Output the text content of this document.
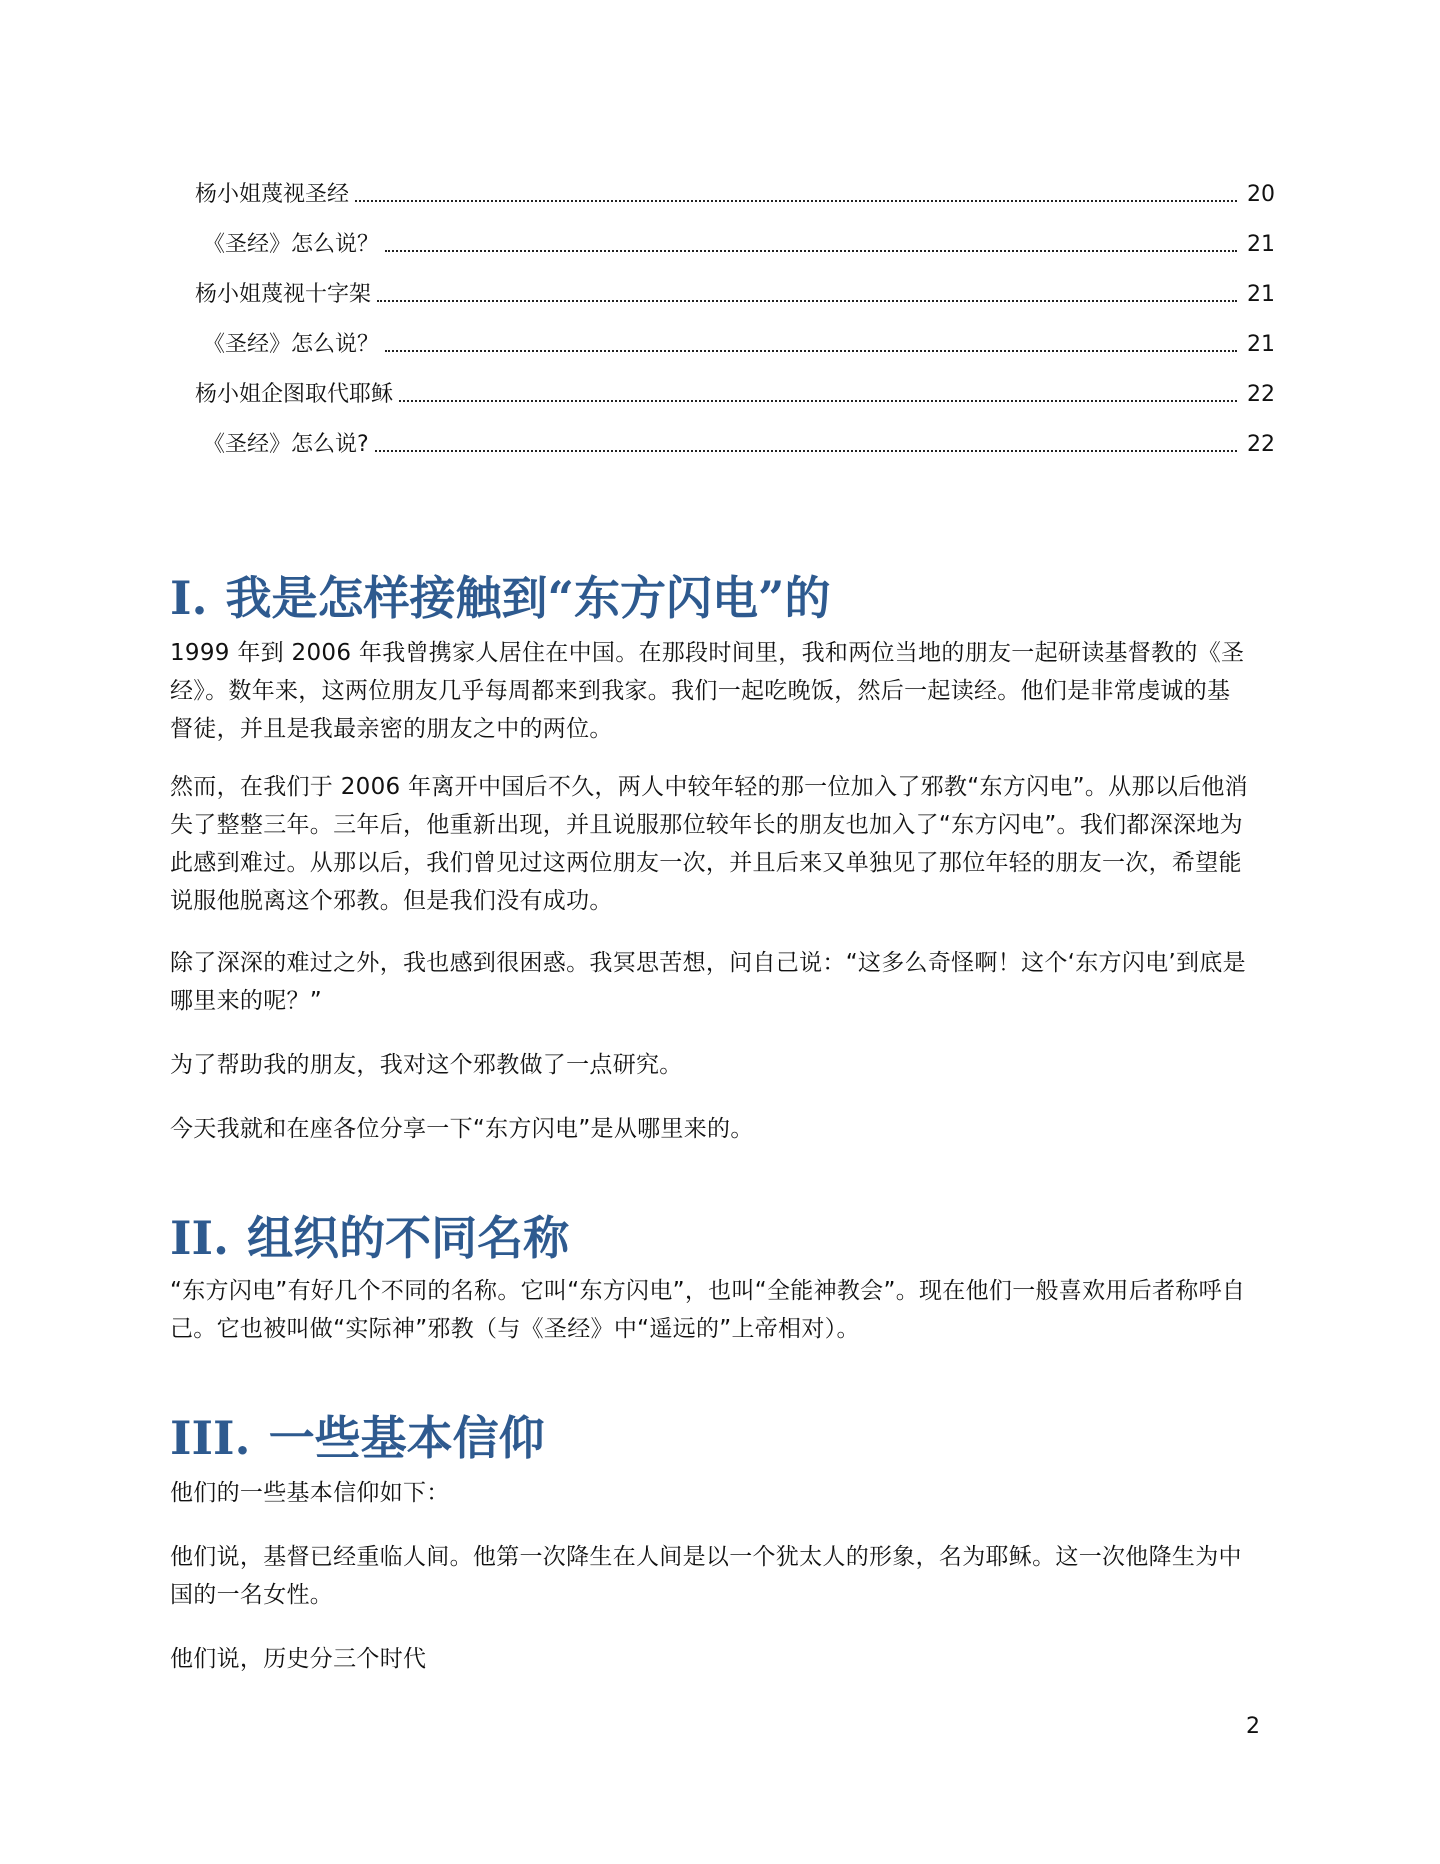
杨小姐蔑视圣经	20
《圣经》怎么说？	21
杨小姐蔑视十字架	21
《圣经》怎么说？	21
杨小姐企图取代耶稣	22
《圣经》怎么说?	22
I. 我是怎样接触到“东方闪电”的

1999 年到 2006 年我曾携家人居住在中国。在那段时间里，我和两位当地的朋友一起研读基督教的《圣经》。数年来，这两位朋友几乎每周都来到我家。我们一起吃晚饭，然后一起读经。他们是非常虔诚的基督徒，并且是我最亲密的朋友之中的两位。

然而，在我们于 2006 年离开中国后不久，两人中较年轻的那一位加入了邪教“东方闪电”。从那以后他消失了整整三年。三年后，他重新出现，并且说服那位较年长的朋友也加入了“东方闪电”。我们都深深地为此感到难过。从那以后，我们曾见过这两位朋友一次，并且后来又单独见了那位年轻的朋友一次，希望能说服他脱离这个邪教。但是我们没有成功。

除了深深的难过之外，我也感到很困惑。我冥思苦想，问自己说：“这多么奇怪啊！这个‘东方闪电’到底是哪里来的呢？”

为了帮助我的朋友，我对这个邪教做了一点研究。

今天我就和在座各位分享一下“东方闪电”是从哪里来的。

II. 组织的不同名称

“东方闪电”有好几个不同的名称。它叫“东方闪电”，也叫“全能神教会”。现在他们一般喜欢用后者称呼自己。它也被叫做“实际神”邪教（与《圣经》中“遥远的”上帝相对）。

III. 一些基本信仰

他们的一些基本信仰如下：

他们说，基督已经重临人间。他第一次降生在人间是以一个犹太人的形象，名为耶稣。这一次他降生为中国的一名女性。

他们说，历史分三个时代

2
